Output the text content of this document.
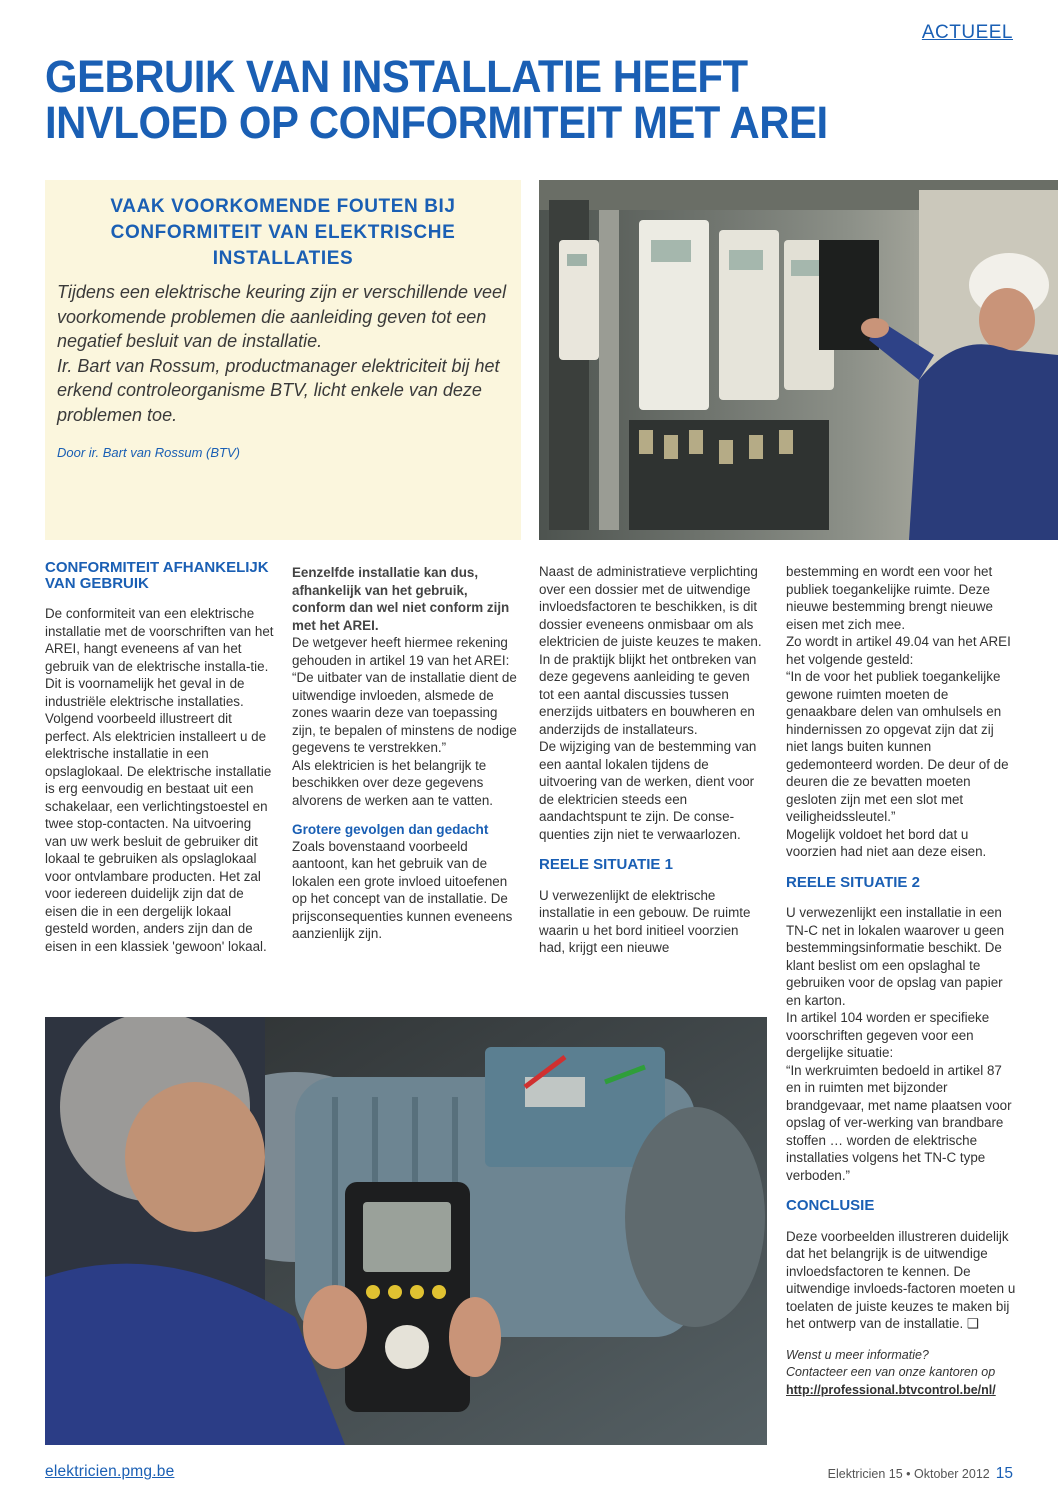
ACTUEEL
GEBRUIK VAN INSTALLATIE HEEFT
INVLOED OP CONFORMITEIT MET AREI
VAAK VOORKOMENDE FOUTEN BIJ CONFORMITEIT VAN ELEKTRISCHE INSTALLATIES

Tijdens een elektrische keuring zijn er verschillende veel voorkomende problemen die aanleiding geven tot een negatief besluit van de installatie.

Ir. Bart van Rossum, productmanager elektriciteit bij het erkend controleorganisme BTV, licht enkele van deze problemen toe.

Door ir. Bart van Rossum (BTV)

CONFORMITEIT AFHANKELIJK VAN GEBRUIK

De conformiteit van een elektrische installatie met de voorschriften van het AREI, hangt eveneens af van het gebruik van de elektrische installa-tie. Dit is voornamelijk het geval in de industriële elektrische installaties. Volgend voorbeeld illustreert dit perfect. Als elektricien installeert u de elektrische installatie in een opslaglokaal. De elektrische installatie is erg eenvoudig en bestaat uit een schakelaar, een verlichtingstoestel en twee stop-contacten. Na uitvoering van uw werk besluit de gebruiker dit lokaal te gebruiken als opslaglokaal voor ontvlambare producten. Het zal voor iedereen duidelijk zijn dat de eisen die in een dergelijk lokaal gesteld worden, anders zijn dan de eisen in een klassiek 'gewoon' lokaal.

Eenzelfde installatie kan dus, afhankelijk van het gebruik, conform dan wel niet conform zijn met het AREI.

De wetgever heeft hiermee rekening gehouden in artikel 19 van het AREI:

“De uitbater van de installatie dient de uitwendige invloeden, alsmede de zones waarin deze van toepassing zijn, te bepalen of minstens de nodige gegevens te verstrekken.”

Als elektricien is het belangrijk te beschikken over deze gegevens alvorens de werken aan te vatten.

Grotere gevolgen dan gedacht

Zoals bovenstaand voorbeeld aantoont, kan het gebruik van de lokalen een grote invloed uitoefenen op het concept van de installatie. De prijsconsequenties kunnen eveneens aanzienlijk zijn.

Naast de administratieve verplichting over een dossier met de uitwendige invloedsfactoren te beschikken, is dit dossier eveneens onmisbaar om als elektricien de juiste keuzes te maken.

In de praktijk blijkt het ontbreken van deze gegevens aanleiding te geven tot een aantal discussies tussen enerzijds uitbaters en bouwheren en anderzijds de installateurs.

De wijziging van de bestemming van een aantal lokalen tijdens de uitvoering van de werken, dient voor de elektricien steeds een aandachtspunt te zijn. De conse-quenties zijn niet te verwaarlozen.

REELE SITUATIE 1

U verwezenlijkt de elektrische installatie in een gebouw. De ruimte waarin u het bord initieel voorzien had, krijgt een nieuwe

bestemming en wordt een voor het publiek toegankelijke ruimte. Deze nieuwe bestemming brengt nieuwe eisen met zich mee.

Zo wordt in artikel 49.04 van het AREI het volgende gesteld:

“In de voor het publiek toegankelijke gewone ruimten moeten de genaakbare delen van omhulsels en hindernissen zo opgevat zijn dat zij niet langs buiten kunnen gedemonteerd worden. De deur of de deuren die ze bevatten moeten gesloten zijn met een slot met veiligheidssleutel.”

Mogelijk voldoet het bord dat u voorzien had niet aan deze eisen.

REELE SITUATIE 2

U verwezenlijkt een installatie in een TN-C net in lokalen waarover u geen bestemmingsinformatie beschikt. De klant beslist om een opslaghal te gebruiken voor de opslag van papier en karton.

In artikel 104 worden er specifieke voorschriften gegeven voor een dergelijke situatie:

“In werkruimten bedoeld in artikel 87 en in ruimten met bijzonder brandgevaar, met name plaatsen voor opslag of ver-werking van brandbare stoffen … worden de elektrische installaties volgens het TN-C type verboden.”

CONCLUSIE

Deze voorbeelden illustreren duidelijk dat het belangrijk is de uitwendige invloedsfactoren te kennen. De uitwendige invloeds-factoren moeten u toelaten de juiste keuzes te maken bij het ontwerp van de installatie. ❑

Wenst u meer informatie?

Contacteer een van onze kantoren op

http://professional.btvcontrol.be/nl/
elektricien.pmg.be	Elektricien 15 • Oktober 2012 15
